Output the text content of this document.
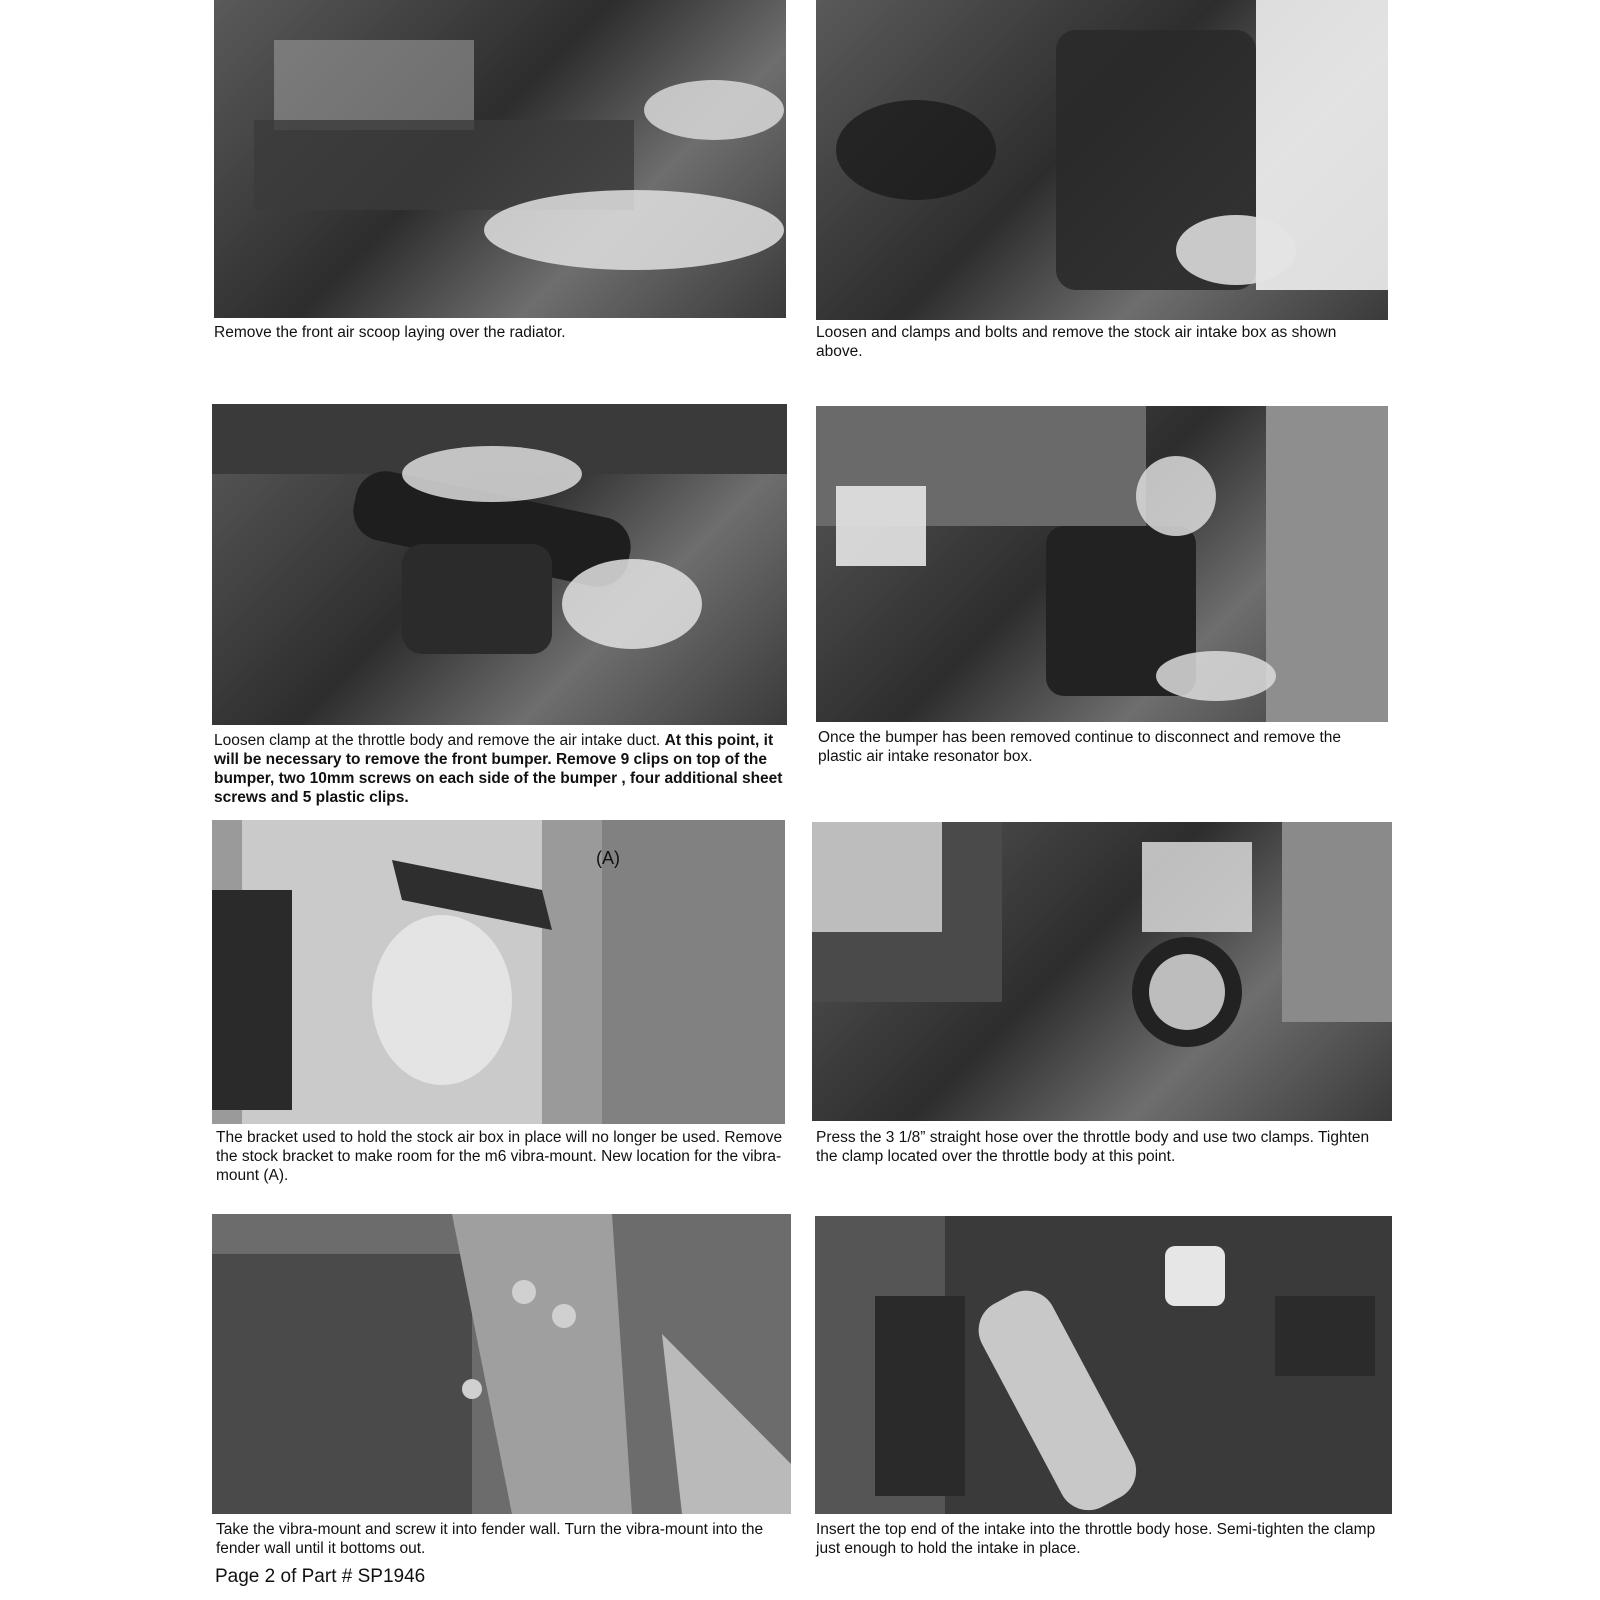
Remove the front air scoop laying over the radiator.	Loosen and clamps and bolts and remove the stock air intake box as shown above.

Loosen clamp at the throttle body and remove the air intake duct. At this point, it will be necessary to remove the front bumper. Remove 9 clips on top of the bumper, two 10mm screws on each side of the bumper , four additional sheet screws and 5 plastic clips.

Once the bumper has been removed continue to disconnect and remove the plastic air intake resonator box.

(A)

The bracket used to hold the stock air box in place will no longer be used. Remove the stock bracket to make room for the m6 vibra-mount. New location for the vibra-mount (A).

Press the 3 1/8” straight hose over the throttle body and use two clamps. Tighten the clamp located over the throttle body at this point.

Take the vibra-mount and screw it into fender wall. Turn the vibra-mount into the fender wall until it bottoms out.

Insert the top end of the intake into the throttle body hose. Semi-tighten the clamp just enough to hold the intake in place.

Page 2 of Part # SP1946
